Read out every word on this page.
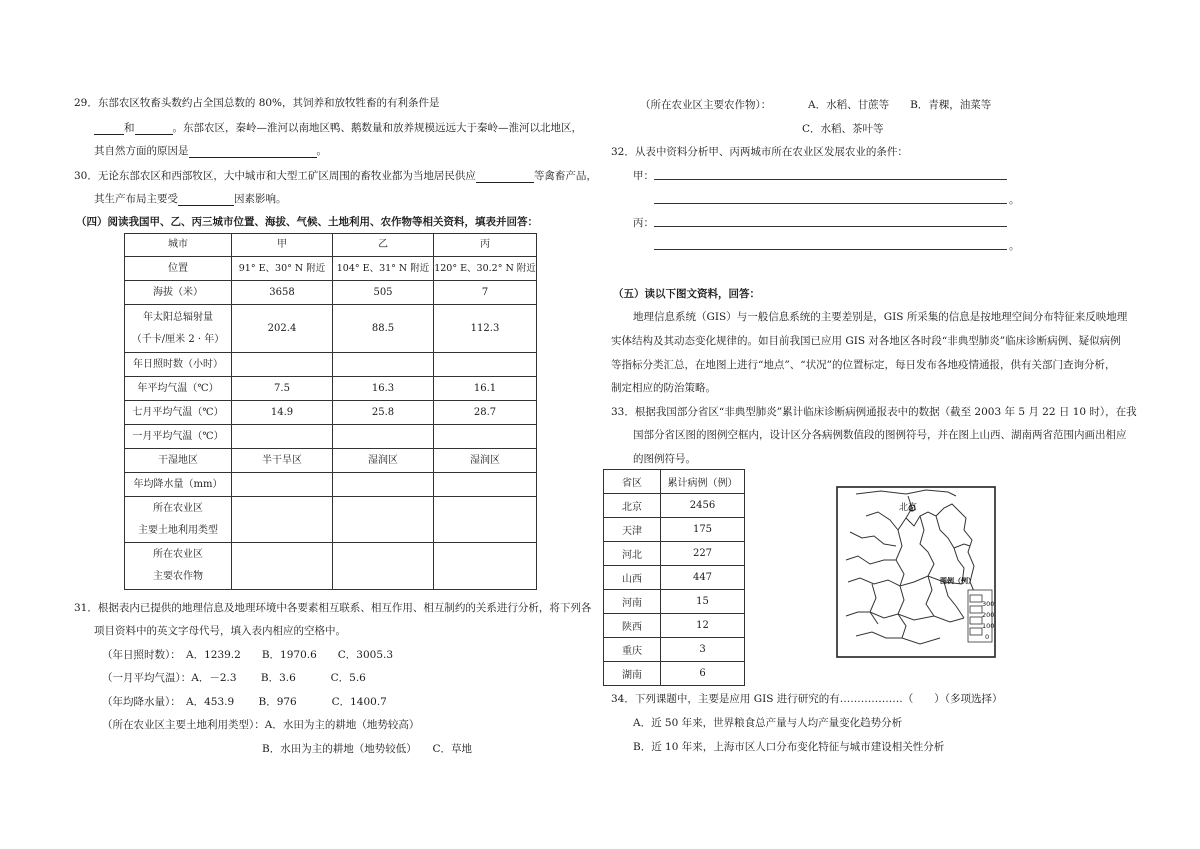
29．东部农区牧畜头数约占全国总数的 80%，其饲养和放牧牲畜的有利条件是
和	。东部农区，秦岭—淮河以南地区鸭、鹅数量和放养规模远远大于秦岭—淮河以北地区，
其自然方面的原因是	。
30．无论东部农区和西部牧区，大中城市和大型工矿区周围的畜牧业都为当地居民供应	等禽畜产品，
其生产布局主要受	因素影响。
（四）阅读我国甲、乙、丙三城市位置、海拔、气候、土地利用、农作物等相关资料，填表并回答：
城市	甲	乙	丙
位置	91° E、30° N 附近	104° E、31° N 附近	120° E、30.2° N 附近
海拔（米）	3658	505	7

年太阳总辐射量
（千卡/厘米 2 · 年）	202.4	88.5	112.3
年日照时数（小时）			
年平均气温（℃）	7.5	16.3	16.1
七月平均气温（℃）	14.9	25.8	28.7
一月平均气温（℃）			
干湿地区	半干旱区	湿润区	湿润区
年均降水量（mm）			

所在农业区
主要土地利用类型			

所在农业区
主要农作物			

31．根据表内已提供的地理信息及地理环境中各要素相互联系、相互作用、相互制约的关系进行分析，将下列各
项目资料中的英文字母代号，填入表内相应的空格中。
（年日照时数）：　A．1239.2　　B．1970.6　　C．3005.3
（一月平均气温）：A．－2.3　　 B．3.6　　　 C．5.6
（年均降水量）：　A．453.9　　 B．976　　　 C．1400.7
（所在农业区主要土地利用类型）：A．水田为主的耕地（地势较高）
B．水田为主的耕地（地势较低）　　C．草地
（所在农业区主要农作物）：　　　　A．水稻、甘蔗等　　B．青稞，油菜等
C．水稻、茶叶等
32．从表中资料分析甲、丙两城市所在农业区发展农业的条件：
甲：
。
丙：
。
（五）读以下图文资料，回答：
地理信息系统（GIS）与一般信息系统的主要差别是，GIS 所采集的信息是按地理空间分布特征来反映地理
实体结构及其动态变化规律的。如目前我国已应用 GIS 对各地区各时段“非典型肺炎”临床诊断病例、疑似病例
等指标分类汇总，在地图上进行“地点”、“状况”的位置标定，每日发布各地疫情通报，供有关部门查询分析，
制定相应的防治策略。
33．根据我国部分省区“非典型肺炎”累计临床诊断病例通报表中的数据（截至 2003 年 5 月 22 日 10 时），在我
国部分省区图的图例空框内，设计区分各病例数值段的图例符号，并在图上山西、湖南两省范围内画出相应
的图例符号。
省区	累计病例（例）
北京	2456
天津	175
河北	227
山西	447
河南	15
陕西	12
重庆	3
湖南	6
北京
图例（例）
300
200
100
0
34．下列课题中，主要是应用 GIS 进行研究的有………………（　　）（多项选择）
A．近 50 年来，世界粮食总产量与人均产量变化趋势分析
B．近 10 年来，上海市区人口分布变化特征与城市建设相关性分析
